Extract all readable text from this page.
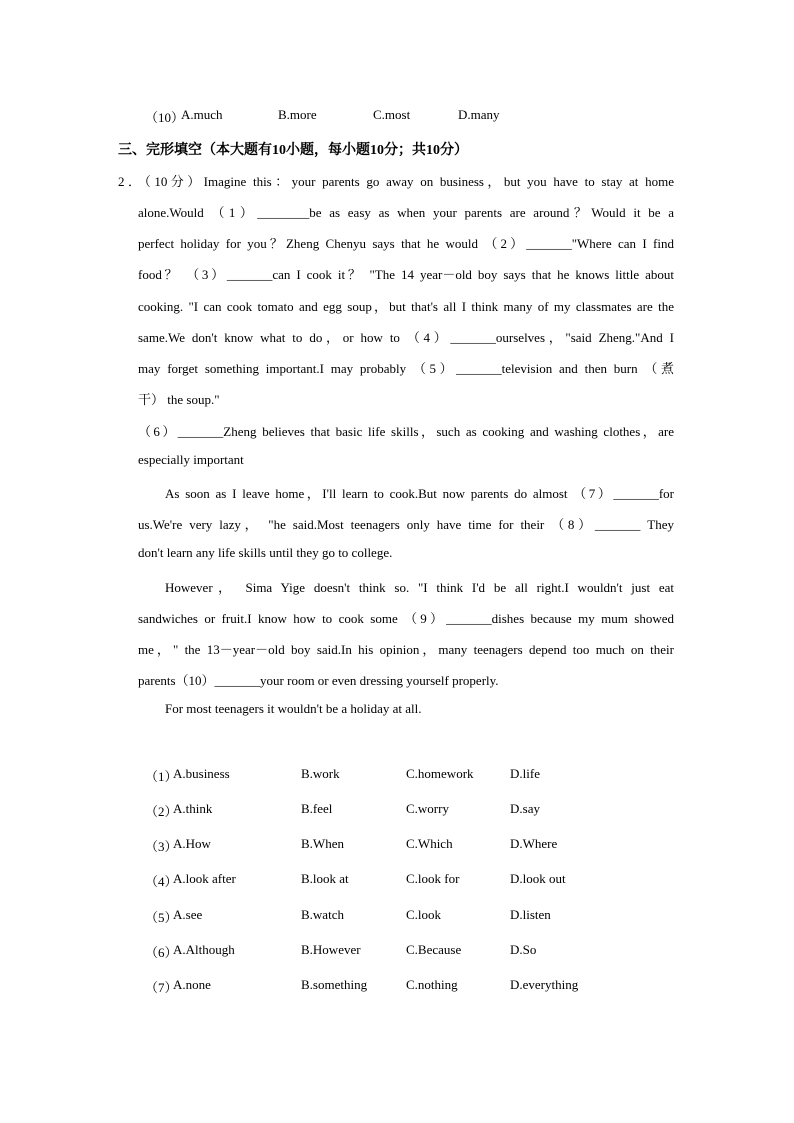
（10）
A.much	B.more	C.most	D.many
三、完形填空（本大题有10小题，每小题10分；共10分）
2．（10分）Imagine this：your parents go away on business，but you have to stay at home
alone.Would （1）________be as easy as when your parents are around？Would it be a
perfect holiday for you？Zheng Chenyu says that he would （2）_______"Where can I find
food？ （3）_______can I cook it？ "The 14 year－old boy says that he knows little about
cooking. "I can cook tomato and egg soup，but that's all I think many of my classmates are the
same.We don't know what to do，or how to （4）_______ourselves，"said Zheng."And I
may forget something important.I may probably （5）_______television and then burn （煮
干） the soup."
（6）_______Zheng believes that basic life skills，such as cooking and washing clothes，are
especially important
As soon as I leave home，I'll learn to cook.But now parents do almost （7）_______for
us.We're very lazy， "he said.Most teenagers only have time for their （8）_______ They
don't learn any life skills until they go to college.
However， Sima Yige doesn't think so. "I think I'd be all right.I wouldn't just eat
sandwiches or fruit.I know how to cook some （9）_______dishes because my mum showed
me，" the 13－year－old boy said.In his opinion，many teenagers depend too much on their
parents（10）_______your room or even dressing yourself properly.
For most teenagers it wouldn't be a holiday at all.
（1）
A.business	B.work	C.homework	D.life
（2）
A.think	B.feel	C.worry	D.say
（3）
A.How	B.When	C.Which	D.Where
（4）
A.look after	B.look at	C.look for	D.look out
（5）
A.see	B.watch	C.look	D.listen
（6）
A.Although	B.However	C.Because	D.So
（7）
A.none	B.something	C.nothing	D.everything
